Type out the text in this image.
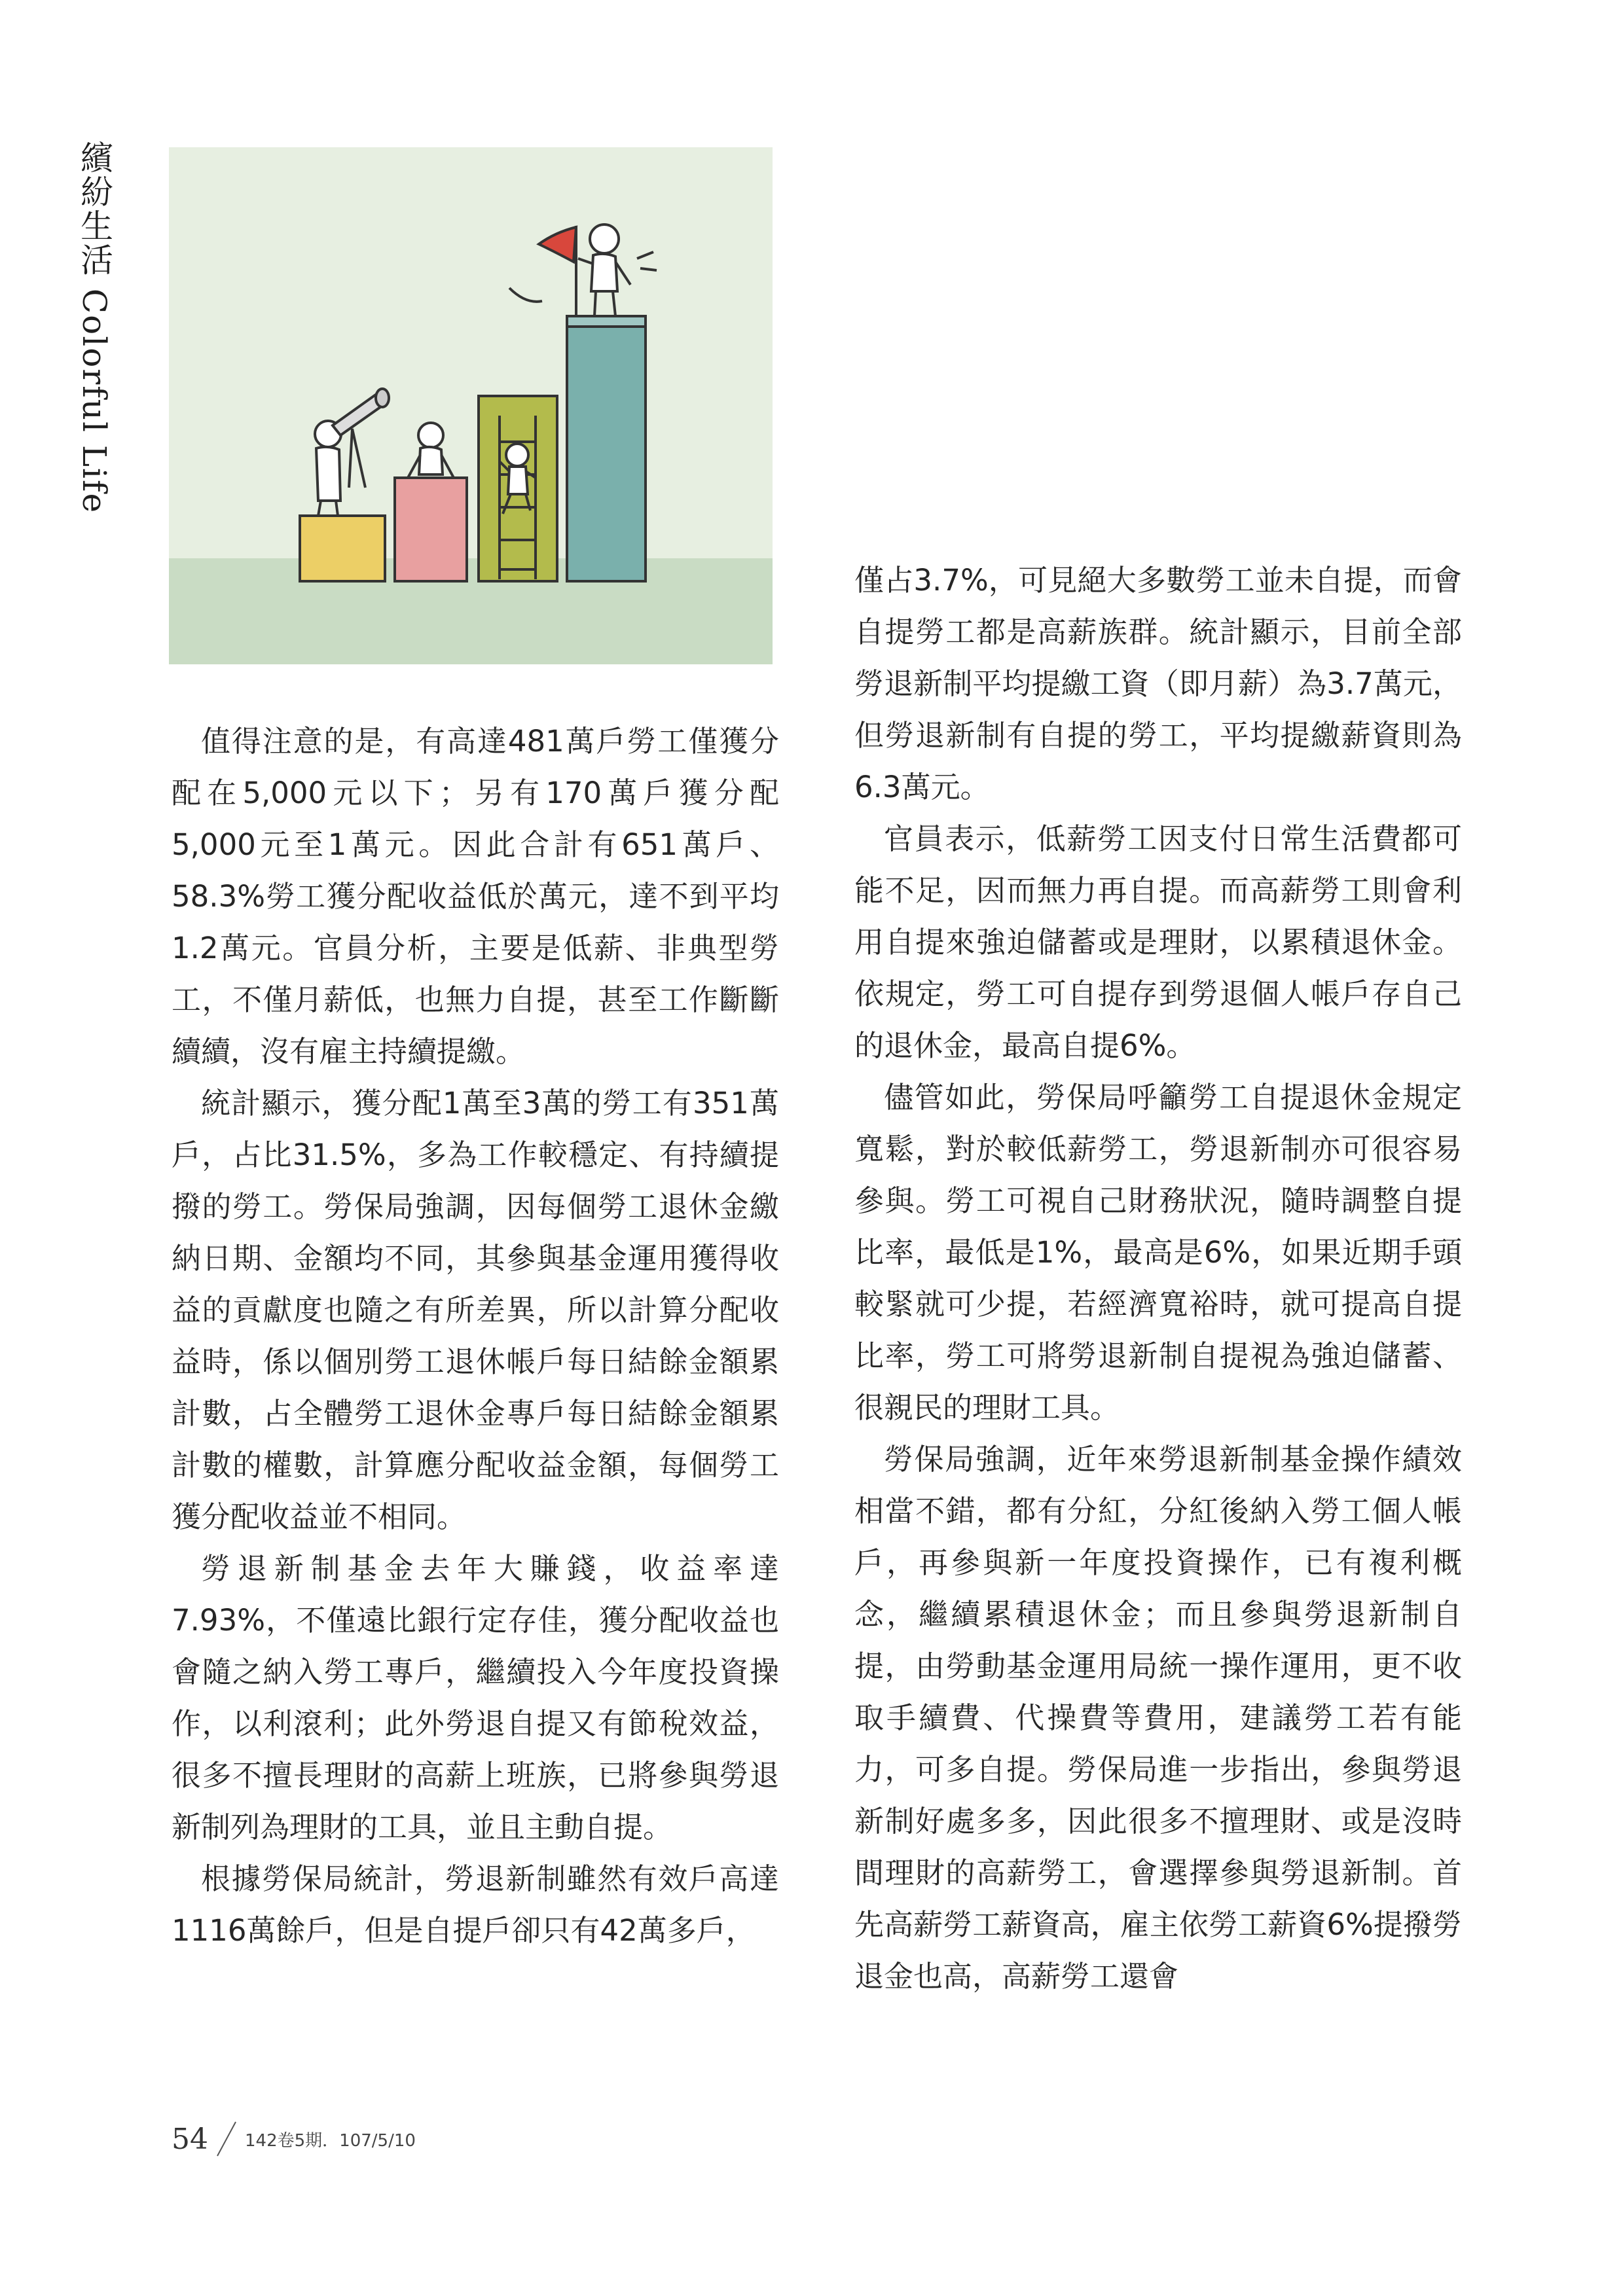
繽紛生活 Colorful Life

值得注意的是，有高達481萬戶勞工僅獲分配在5,000元以下；另有170萬戶獲分配5,000元至1萬元。因此合計有651萬戶、58.3%勞工獲分配收益低於萬元，達不到平均1.2萬元。官員分析，主要是低薪、非典型勞工，不僅月薪低，也無力自提，甚至工作斷斷續續，沒有雇主持續提繳。

統計顯示，獲分配1萬至3萬的勞工有351萬戶，占比31.5%，多為工作較穩定、有持續提撥的勞工。勞保局強調，因每個勞工退休金繳納日期、金額均不同，其參與基金運用獲得收益的貢獻度也隨之有所差異，所以計算分配收益時，係以個別勞工退休帳戶每日結餘金額累計數，占全體勞工退休金專戶每日結餘金額累計數的權數，計算應分配收益金額，每個勞工獲分配收益並不相同。

勞退新制基金去年大賺錢，收益率達7.93%，不僅遠比銀行定存佳，獲分配收益也會隨之納入勞工專戶，繼續投入今年度投資操作，以利滾利；此外勞退自提又有節稅效益，很多不擅長理財的高薪上班族，已將參與勞退新制列為理財的工具，並且主動自提。

根據勞保局統計，勞退新制雖然有效戶高達1116萬餘戶，但是自提戶卻只有42萬多戶，

僅占3.7%，可見絕大多數勞工並未自提，而會自提勞工都是高薪族群。統計顯示，目前全部勞退新制平均提繳工資（即月薪）為3.7萬元，但勞退新制有自提的勞工，平均提繳薪資則為6.3萬元。

官員表示，低薪勞工因支付日常生活費都可能不足，因而無力再自提。而高薪勞工則會利用自提來強迫儲蓄或是理財，以累積退休金。依規定，勞工可自提存到勞退個人帳戶存自己的退休金，最高自提6%。

儘管如此，勞保局呼籲勞工自提退休金規定寬鬆，對於較低薪勞工，勞退新制亦可很容易參與。勞工可視自己財務狀況，隨時調整自提比率，最低是1%，最高是6%，如果近期手頭較緊就可少提，若經濟寬裕時，就可提高自提比率，勞工可將勞退新制自提視為強迫儲蓄、很親民的理財工具。

勞保局強調，近年來勞退新制基金操作績效相當不錯，都有分紅，分紅後納入勞工個人帳戶，再參與新一年度投資操作，已有複利概念，繼續累積退休金；而且參與勞退新制自提，由勞動基金運用局統一操作運用，更不收取手續費、代操費等費用，建議勞工若有能力，可多自提。勞保局進一步指出，參與勞退新制好處多多，因此很多不擅理財、或是沒時間理財的高薪勞工，會選擇參與勞退新制。首先高薪勞工薪資高，雇主依勞工薪資6%提撥勞退金也高，高薪勞工還會

54 142卷5期．107/5/10
